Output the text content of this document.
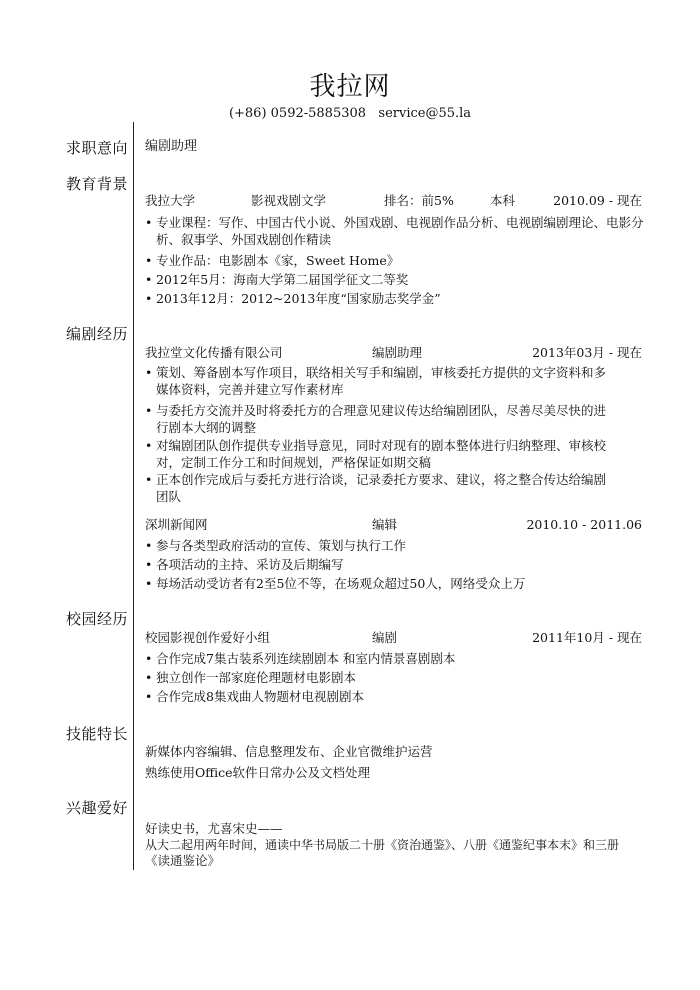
我拉网
(+86) 0592-5885308   service@55.la
求职意向 编剧助理
教育背景
我拉大学	影视戏剧文学	排名：前5%	本科	2010.09 - 现在
• 专业课程：写作、中国古代小说、外国戏剧、电视剧作品分析、电视剧编剧理论、电影分析、叙事学、外国戏剧创作精读
• 专业作品：电影剧本《家，Sweet Home》
• 2012年5月：海南大学第二届国学征文二等奖
• 2013年12月：2012~2013年度“国家励志奖学金”
编剧经历
我拉堂文化传播有限公司	编剧助理	2013年03月 - 现在
• 策划、筹备剧本写作项目，联络相关写手和编剧，审核委托方提供的文字资料和多媒体资料，完善并建立写作素材库
• 与委托方交流并及时将委托方的合理意见建议传达给编剧团队，尽善尽美尽快的进行剧本大纲的调整
• 对编剧团队创作提供专业指导意见，同时对现有的剧本整体进行归纳整理、审核校对，定制工作分工和时间规划，严格保证如期交稿
• 正本创作完成后与委托方进行洽谈，记录委托方要求、建议，将之整合传达给编剧团队
深圳新闻网	编辑	2010.10 - 2011.06
• 参与各类型政府活动的宣传、策划与执行工作
• 各项活动的主持、采访及后期编写
• 每场活动受访者有2至5位不等，在场观众超过50人，网络受众上万
校园经历
校园影视创作爱好小组	编剧	2011年10月 - 现在
• 合作完成7集古装系列连续剧剧本 和室内情景喜剧剧本
• 独立创作一部家庭伦理题材电影剧本
• 合作完成8集戏曲人物题材电视剧剧本
技能特长
新媒体内容编辑、信息整理发布、企业官微维护运营
熟练使用Office软件日常办公及文档处理
兴趣爱好
好读史书，尤喜宋史——
从大二起用两年时间，通读中华书局版二十册《资治通鉴》、八册《通鉴纪事本末》和三册
《读通鉴论》
